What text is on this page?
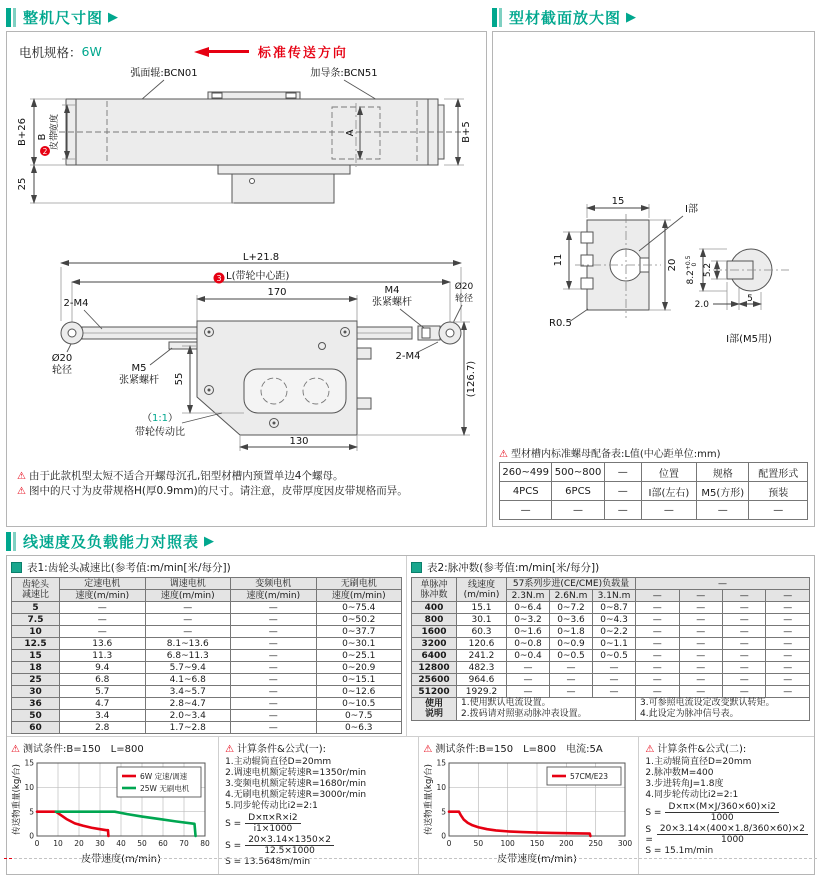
整机尺寸图 ▶
电机规格： 6W	标准传送方向
弧面辊:BCN01	加导条:BCN51
B+26
25
B
2
皮带宽度	A	B+5
L+21.8
3 L(带轮中心距)
170
2-M4
M4
张紧螺杆
Ø20
轮径
Ø20
轮径	M5
张紧螺杆
2-M4
55
（1:1）
带轮传动比
130
(126.7)
⚠ 由于此款机型太短不适合开螺母沉孔,铝型材槽内预置单边4个螺母。
⚠ 图中的尺寸为皮带规格H(厚0.9mm)的尺寸。请注意，皮带厚度因皮带规格而异。
型材截面放大图 ▶
15
I部
11	20
R0.5
$8.2^{+0.5}0$ 5.2
2.0
5
I部(M5用)
⚠ 型材槽内标准螺母配备表:L值(中心距单位:mm)
260~499	500~800	—	位置	规格	配置形式
4PCS	6PCS	—	I部(左右)	M5(方形)	预装
—	—	—	—	—	—
线速度及负载能力对照表 ▶
表1:齿轮头减速比(参考值:m/min[米/每分])
齿轮头
减速比	定速电机	调速电机	变频电机	无刷电机
	速度(m/min)	速度(m/min)	速度(m/min)	速度(m/min)
5	—	—	—	0~75.4
7.5	—	—	—	0~50.2
10	—	—	—	0~37.7
12.5	13.6	8.1~13.6	—	0~30.1
15	11.3	6.8~11.3	—	0~25.1
18	9.4	5.7~9.4	—	0~20.9
25	6.8	4.1~6.8	—	0~15.1
30	5.7	3.4~5.7	—	0~12.6
36	4.7	2.8~4.7	—	0~10.5
50	3.4	2.0~3.4	—	0~7.5
60	2.8	1.7~2.8	—	0~6.3
表2:脉冲数(参考值:m/min[米/每分])
单脉冲
脉冲数

线速度
(m/min)
	57系列步进(CE/CME)负载量	—
		2.3N.m	2.6N.m	3.1N.m	—	—	—	—
400	15.1	0~6.4	0~7.2	0~8.7	—	—	—	—
800	30.1	0~3.2	0~3.6	0~4.3	—	—	—	—
1600	60.3	0~1.6	0~1.8	0~2.2	—	—	—	—
3200	120.6	0~0.8	0~0.9	0~1.1	—	—	—	—
6400	241.2	0~0.4	0~0.5	0~0.5	—	—	—	—
12800	482.3	—	—	—	—	—	—	—
25600	964.6	—	—	—	—	—	—	—
51200	1929.2	—	—	—	—	—	—	—

使用
说明

1.使用默认电流设置。
2.拨码请对照驱动脉冲表设置。

3.可参照电流设定改变默认转矩。
4.此设定为脉冲信号表。
⚠ 测试条件:B=150　L=800
0 10 20 30 40 50 60 70 80
0
5
10
15
皮带速度(m/min)
传送物重量(kg/台)	6W 定速/调速
25W 无刷电机
⚠ 计算条件&公式(一):
1.主动辊筒直径D=20mm
2.调速电机额定转速R=1350r/min
3.变频电机额定转速R=1680r/min
4.无刷电机额定转速R=3000r/min
5.同步轮传动比i2=2:1
$S = \frac{D\times\pi\times R\times i2}{i1\times 1000}$
$S = \frac{20\times 3.14\times 1350\times 2}{12.5\times 1000}$
S = 13.5648m/min
⚠ 测试条件:B=150　L=800　电流:5A
0	50 100 150 200 250 300
0
5
10
15
皮带速度(m/min)
传送物重量(kg/台)	57CM/E23
⚠ 计算条件&公式(二):
1.主动辊筒直径D=20mm
2.脉冲数M=400
3.步进转角J=1.8度
4.同步轮传动比i2=2:1
$S = \frac{D\times\pi\times(M\times J/360\times 60)\times i2}{1000}$
$S = \frac{20\times 3.14\times(400\times 1.8/360\times 60)\times 2}{1000}$
S = 15.1m/min
